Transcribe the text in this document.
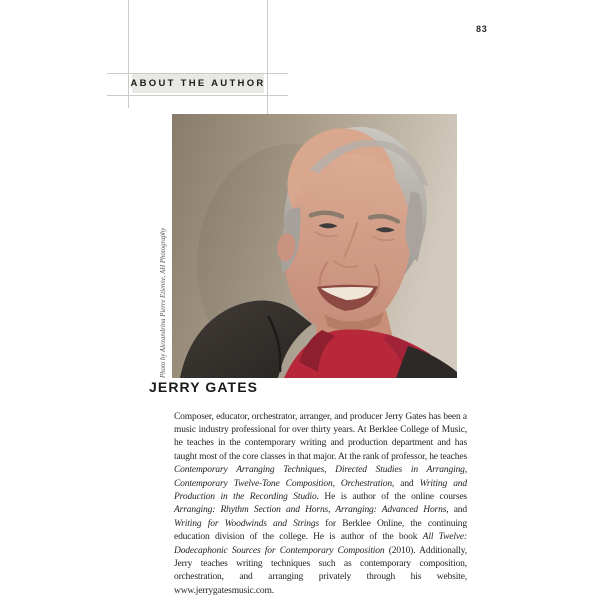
83
ABOUT THE AUTHOR
Photo by Alexandrina Pierre Etienne, AH Photography
JERRY GATES

Composer, educator, orchestrator, arranger, and producer Jerry Gates has been a music industry professional for over thirty years. At Berklee College of Music, he teaches in the contemporary writing and production department and has taught most of the core classes in that major. At the rank of professor, he teaches Contemporary Arranging Techniques, Directed Studies in Arranging, Contemporary Twelve-Tone Composition, Orchestration, and Writing and Production in the Recording Studio. He is author of the online courses Arranging: Rhythm Section and Horns, Arranging: Advanced Horns, and Writing for Woodwinds and Strings for Berklee Online, the continuing education division of the college. He is author of the book All Twelve: Dodecaphonic Sources for Contemporary Composition (2010). Additionally, Jerry teaches writing techniques such as contemporary composition, orchestration, and arranging privately through his website, www.jerrygatesmusic.com.
